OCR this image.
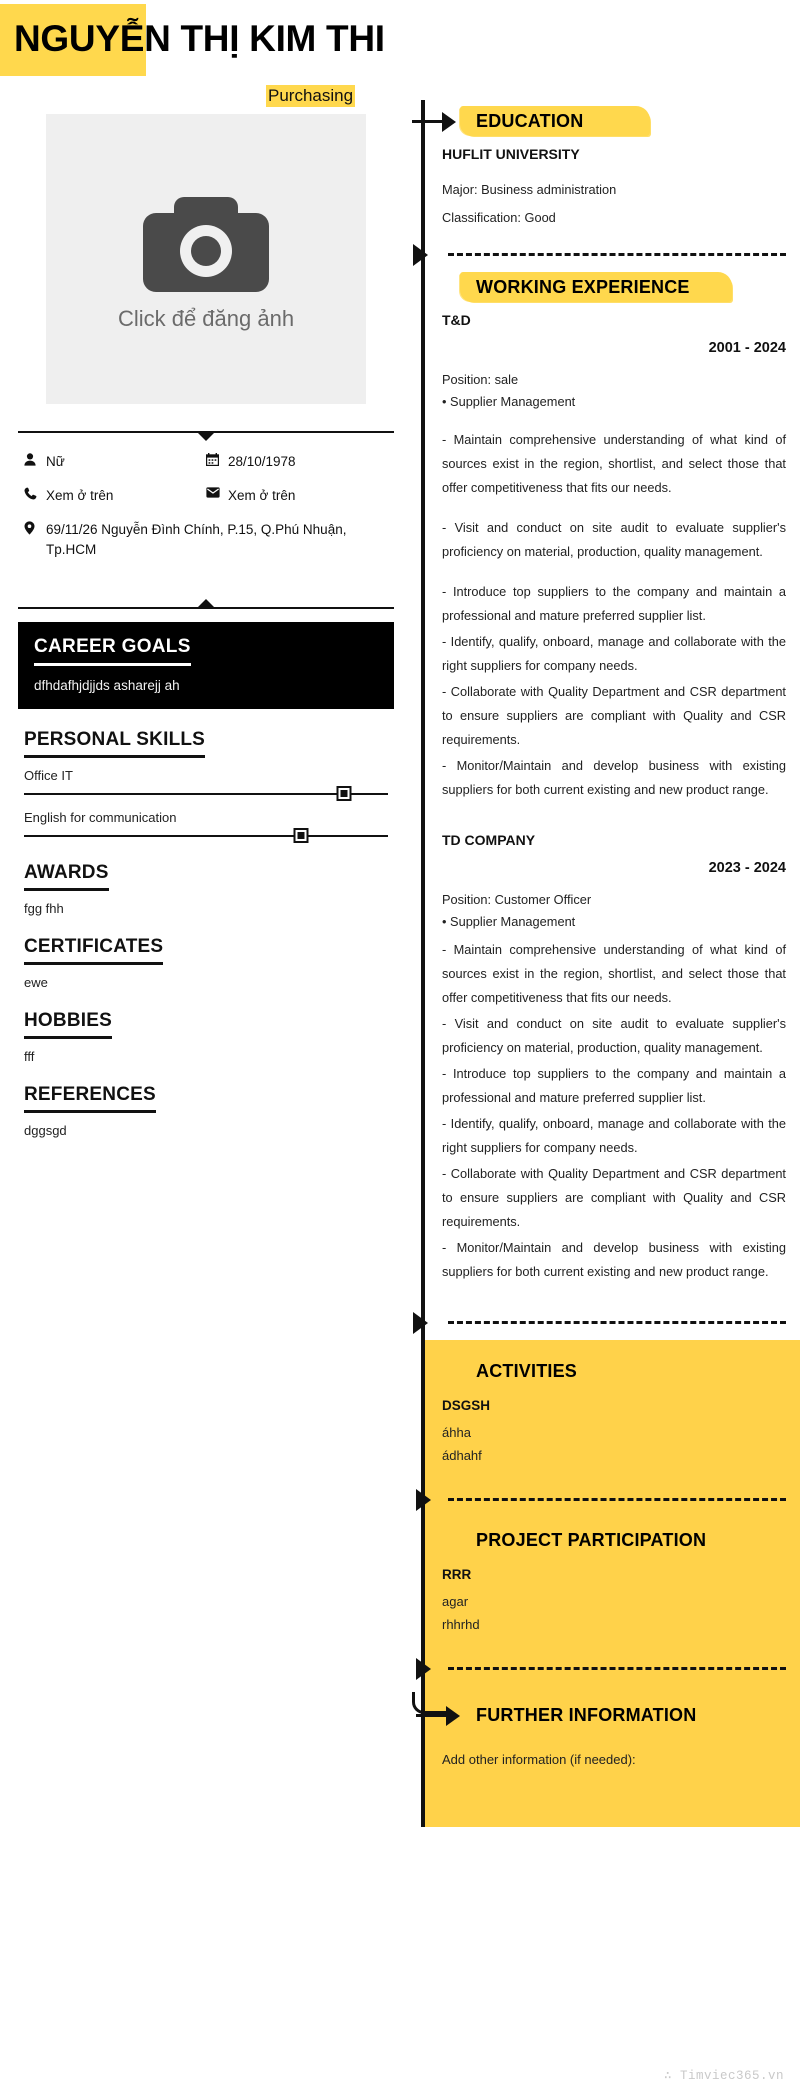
NGUYỄN THỊ KIM THI
Purchasing
Click để đăng ảnh
Nữ	28/10/1978
Xem ở trên	Xem ở trên
69/11/26 Nguyễn Đình Chính, P.15, Q.Phú Nhuận, Tp.HCM
CAREER GOALS
dfhdafhjdjjds asharejj ah
PERSONAL SKILLS
Office IT
English for communication
AWARDS
fgg fhh
CERTIFICATES
ewe
HOBBIES
fff
REFERENCES
dggsgd
EDUCATION
HUFLIT UNIVERSITY
Major: Business administration
Classification: Good
WORKING EXPERIENCE
T&D
2001 - 2024
Position: sale
• Supplier Management
- Maintain comprehensive understanding of what kind of sources exist in the region, shortlist, and select those that offer competitiveness that fits our needs.
- Visit and conduct on site audit to evaluate supplier's proficiency on material, production, quality management.
- Introduce top suppliers to the company and maintain a professional and mature preferred supplier list.
- Identify, qualify, onboard, manage and collaborate with the right suppliers for company needs.
- Collaborate with Quality Department and CSR department to ensure suppliers are compliant with Quality and CSR requirements.
- Monitor/Maintain and develop business with existing suppliers for both current existing and new product range.
TD COMPANY
2023 - 2024
Position: Customer Officer
• Supplier Management
- Maintain comprehensive understanding of what kind of sources exist in the region, shortlist, and select those that offer competitiveness that fits our needs.
- Visit and conduct on site audit to evaluate supplier's proficiency on material, production, quality management.
- Introduce top suppliers to the company and maintain a professional and mature preferred supplier list.
- Identify, qualify, onboard, manage and collaborate with the right suppliers for company needs.
- Collaborate with Quality Department and CSR department to ensure suppliers are compliant with Quality and CSR requirements.
- Monitor/Maintain and develop business with existing suppliers for both current existing and new product range.
ACTIVITIES
DSGSH
áhha
ádhahf
PROJECT PARTICIPATION
RRR
agar
rhhrhd
FURTHER INFORMATION
Add other information (if needed):
∴ Timviec365.vn
